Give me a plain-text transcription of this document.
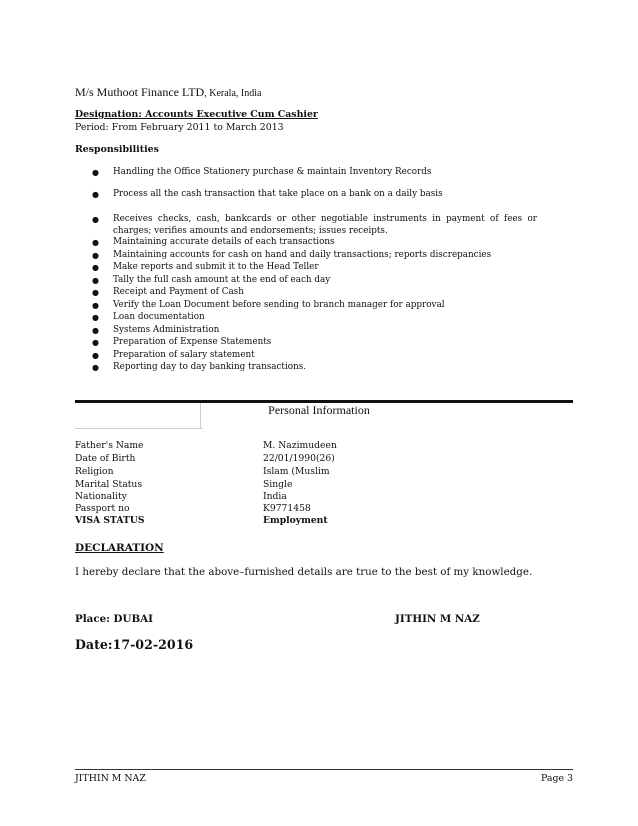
M/s Muthoot Finance LTD, Kerala, India
Designation: Accounts Executive Cum Cashier
Period: From February 2011 to March 2013
Responsibilities
● Handling the Office Stationery purchase & maintain Inventory Records
● Process all the cash transaction that take place on a bank on a daily basis
● Receives checks, cash, bankcards or other negotiable instruments in payment of fees or charges; verifies amounts and endorsements; issues receipts.
● Maintaining accurate details of each transactions
● Maintaining accounts for cash on hand and daily transactions; reports discrepancies
● Make reports and submit it to the Head Teller
● Tally the full cash amount at the end of each day
● Receipt and Payment of Cash
● Verify the Loan Document before sending to branch manager for approval
● Loan documentation
● Systems Administration
● Preparation of Expense Statements
● Preparation of salary statement
● Reporting day to day banking transactions.
Personal Information
Father's Name	M. Nazimudeen
Date of Birth	22/01/1990(26)
Religion	Islam (Muslim
Marital Status	Single
Nationality	India
Passport no	K9771458
VISA STATUS	Employment
DECLARATION
I hereby declare that the above–furnished details are true to the best of my knowledge.
Place: DUBAI	JITHIN M NAZ
Date:17-02-2016
JITHIN M NAZ	Page 3
